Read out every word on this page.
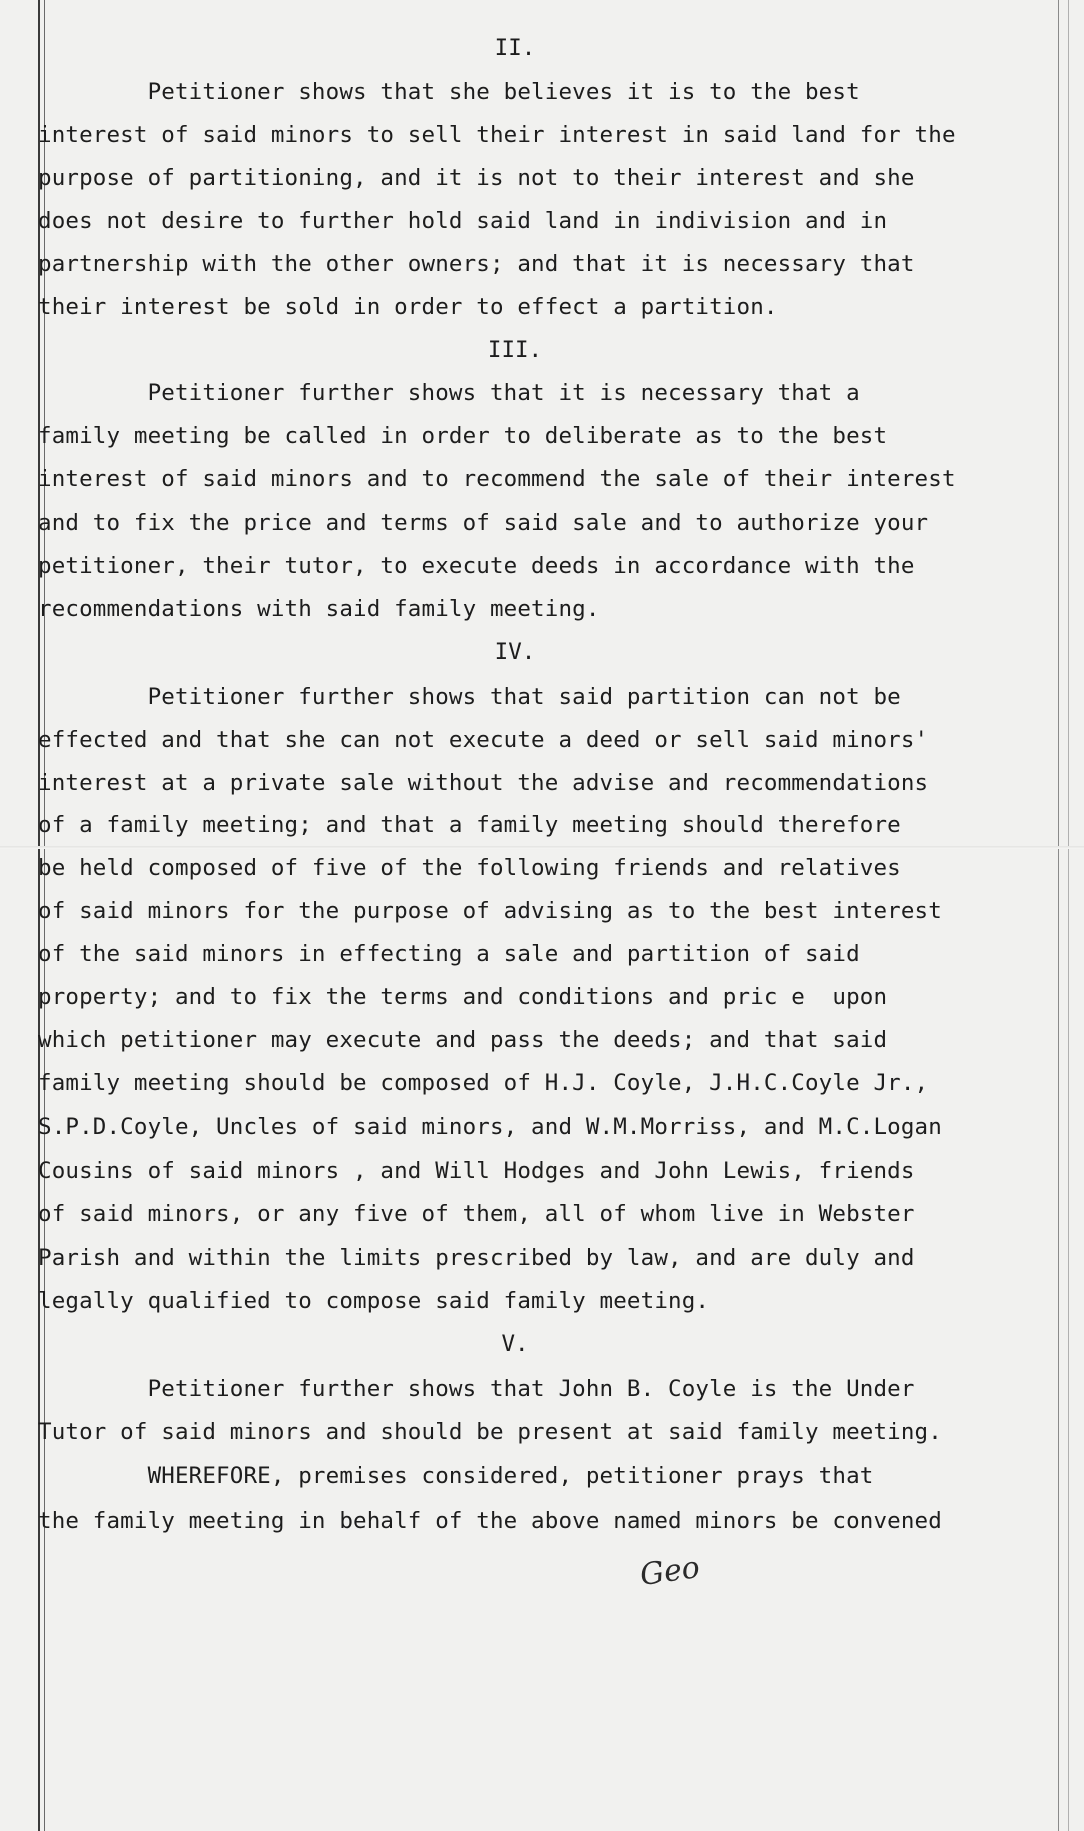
II.
Petitioner shows that she believes it is to the best
interest of said minors to sell their interest in said land for the
purpose of partitioning, and it is not to their interest and she
does not desire to further hold said land in indivision and in
partnership with the other owners; and that it is necessary that
their interest be sold in order to effect a partition.
III.
Petitioner further shows that it is necessary that a
family meeting be called in order to deliberate as to the best
interest of said minors and to recommend the sale of their interest
and to fix the price and terms of said sale and to authorize your
petitioner, their tutor, to execute deeds in accordance with the
recommendations with said family meeting.
IV.
Petitioner further shows that said partition can not be
effected and that she can not execute a deed or sell said minors'
interest at a private sale without the advise and recommendations
of a family meeting; and that a family meeting should therefore
be held composed of five of the following friends and relatives
of said minors for the purpose of advising as to the best interest
of the said minors in effecting a sale and partition of said
property; and to fix the terms and conditions and pric e  upon
which petitioner may execute and pass the deeds; and that said
family meeting should be composed of H.J. Coyle, J.H.C.Coyle Jr.,
S.P.D.Coyle, Uncles of said minors, and W.M.Morriss, and M.C.Logan
Cousins of said minors , and Will Hodges and John Lewis, friends
of said minors, or any five of them, all of whom live in Webster
Parish and within the limits prescribed by law, and are duly and
legally qualified to compose said family meeting.
V.
Geo
Petitioner further shows that John B. Coyle is the Under
Tutor of said minors and should be present at said family meeting.
WHEREFORE, premises considered, petitioner prays that
the family meeting in behalf of the above named minors be convened
